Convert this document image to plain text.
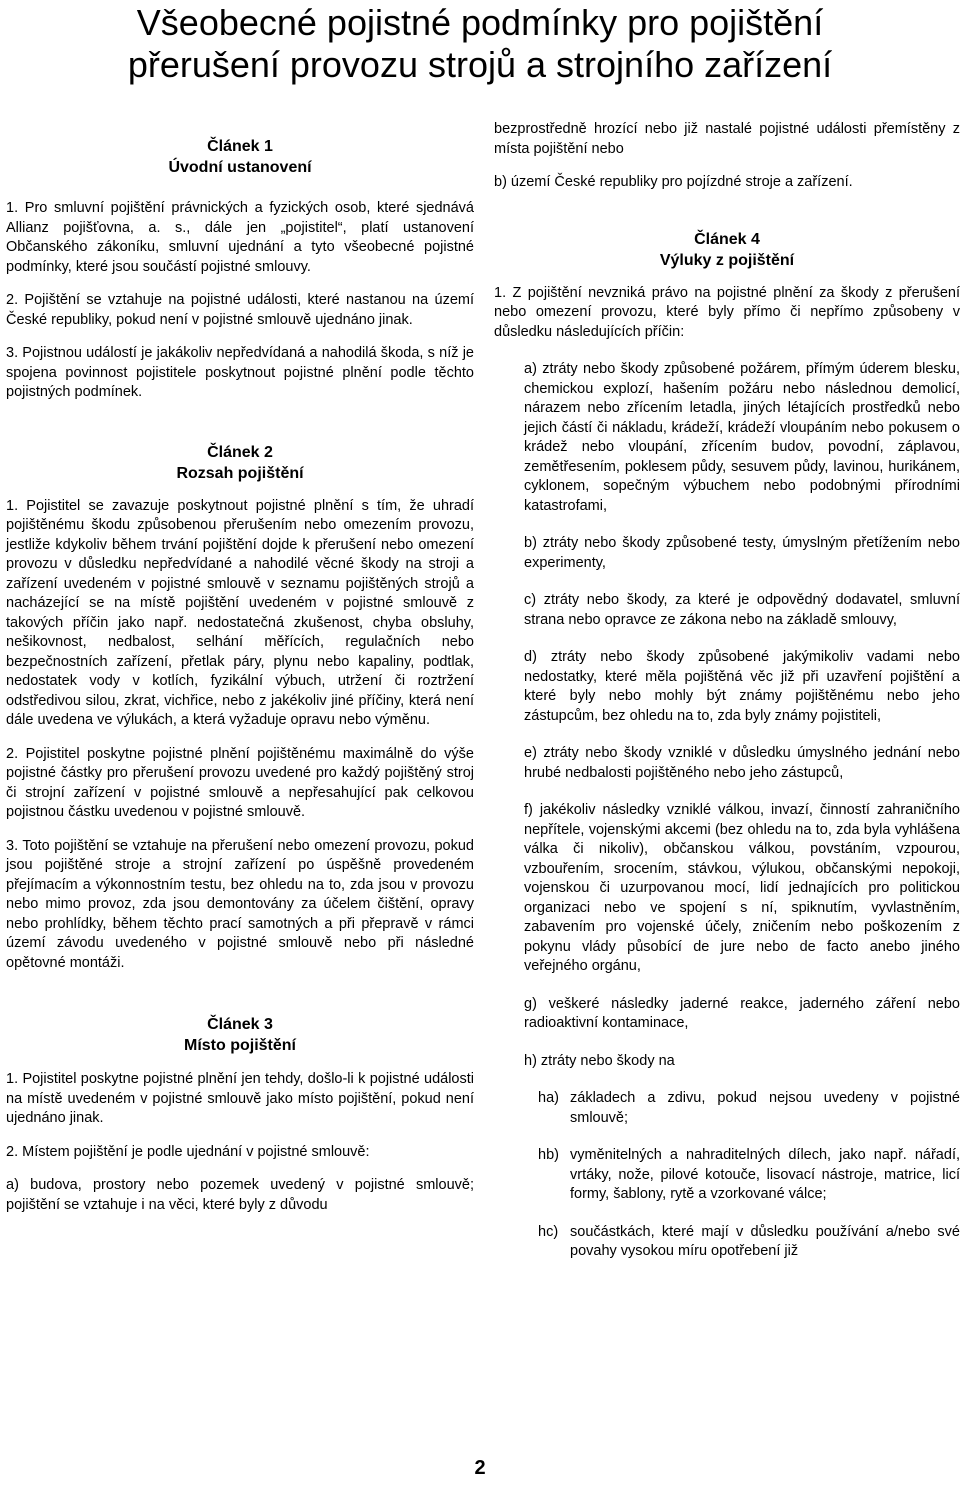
Všeobecné pojistné podmínky pro pojištění
přerušení provozu strojů a strojního zařízení
Článek 1
Úvodní ustanovení

1. Pro smluvní pojištění právnických a fyzických osob, které sjednává Allianz pojišťovna, a. s., dále jen „pojistitel“, platí ustanovení Občanského zákoníku, smluvní ujednání a tyto všeobecné pojistné podmínky, které jsou součástí pojistné smlouvy.

2. Pojištění se vztahuje na pojistné události, které nastanou na území České republiky, pokud není v pojistné smlouvě ujednáno jinak.

3. Pojistnou událostí je jakákoliv nepředvídaná a nahodilá škoda, s níž je spojena povinnost pojistitele poskytnout pojistné plnění podle těchto pojistných podmínek.

Článek 2
Rozsah pojištění

1. Pojistitel se zavazuje poskytnout pojistné plnění s tím, že uhradí pojištěnému škodu způsobenou přerušením nebo omezením provozu, jestliže kdykoliv během trvání pojištění dojde k přerušení nebo omezení provozu v důsledku nepředvídané a nahodilé věcné škody na stroji a zařízení uvedeném v pojistné smlouvě v seznamu pojištěných strojů a nacházející se na místě pojištění uvedeném v pojistné smlouvě z takových příčin jako např. nedostatečná zkušenost, chyba obsluhy, nešikovnost, nedbalost, selhání měřících, regulačních nebo bezpečnostních zařízení, přetlak páry, plynu nebo kapaliny, podtlak, nedostatek vody v kotlích, fyzikální výbuch, utržení či roztržení odstředivou silou, zkrat, vichřice, nebo z jakékoliv jiné příčiny, která není dále uvedena ve výlukách, a která vyžaduje opravu nebo výměnu.

2. Pojistitel poskytne pojistné plnění pojištěnému maximálně do výše pojistné částky pro přerušení provozu uvedené pro každý pojištěný stroj či strojní zařízení v pojistné smlouvě a nepřesahující pak celkovou pojistnou částku uvedenou v pojistné smlouvě.

3. Toto pojištění se vztahuje na přerušení nebo omezení provozu, pokud jsou pojištěné stroje a strojní zařízení po úspěšně provedeném přejímacím a výkonnostním testu, bez ohledu na to, zda jsou v provozu nebo mimo provoz, zda jsou demontovány za účelem čištění, opravy nebo prohlídky, během těchto prací samotných a při přepravě v rámci území závodu uvedeného v pojistné smlouvě nebo při následné opětovné montáži.

Článek 3
Místo pojištění

1. Pojistitel poskytne pojistné plnění jen tehdy, došlo-li k pojistné události na místě uvedeném v pojistné smlouvě jako místo pojištění, pokud není ujednáno jinak.

2. Místem pojištění je podle ujednání v pojistné smlouvě:

a) budova, prostory nebo pozemek uvedený v pojistné smlouvě; pojištění se vztahuje i na věci, které byly z důvodu

bezprostředně hrozící nebo již nastalé pojistné události přemístěny z místa pojištění nebo

b) území České republiky pro pojízdné stroje a zařízení.

Článek 4
Výluky z pojištění

1. Z pojištění nevzniká právo na pojistné plnění za škody z přerušení nebo omezení provozu, které byly přímo či nepřímo způsobeny v důsledku následujících příčin:

a) ztráty nebo škody způsobené požárem, přímým úderem blesku, chemickou explozí, hašením požáru nebo následnou demolicí, nárazem nebo zřícením letadla, jiných létajících prostředků nebo jejich částí či nákladu, krádeží, krádeží vloupáním nebo pokusem o krádež nebo vloupání, zřícením budov, povodní, záplavou, zemětřesením, poklesem půdy, sesuvem půdy, lavinou, hurikánem, cyklonem, sopečným výbuchem nebo podobnými přírodními katastrofami,

b) ztráty nebo škody způsobené testy, úmyslným přetížením nebo experimenty,

c) ztráty nebo škody, za které je odpovědný dodavatel, smluvní strana nebo opravce ze zákona nebo na základě smlouvy,

d) ztráty nebo škody způsobené jakýmikoliv vadami nebo nedostatky, které měla pojištěná věc již při uzavření pojištění a které byly nebo mohly být známy pojištěnému nebo jeho zástupcům, bez ohledu na to, zda byly známy pojistiteli,

e) ztráty nebo škody vzniklé v důsledku úmyslného jednání nebo hrubé nedbalosti pojištěného nebo jeho zástupců,

f) jakékoliv následky vzniklé válkou, invazí, činností zahraničního nepřítele, vojenskými akcemi (bez ohledu na to, zda byla vyhlášena válka či nikoliv), občanskou válkou, povstáním, vzpourou, vzbouřením, srocením, stávkou, výlukou, občanskými nepokoji, vojenskou či uzurpovanou mocí, lidí jednajících pro politickou organizaci nebo ve spojení s ní, spiknutím, vyvlastněním, zabavením pro vojenské účely, zničením nebo poškozením z pokynu vlády působící de jure nebo de facto anebo jiného veřejného orgánu,

g) veškeré následky jaderné reakce, jaderného záření nebo radioaktivní kontaminace,

h) ztráty nebo škody na

ha) základech a zdivu, pokud nejsou uvedeny v pojistné smlouvě;
hb) vyměnitelných a nahraditelných dílech, jako např. nářadí, vrtáky, nože, pilové kotouče, lisovací nástroje, matrice, licí formy, šablony, rytě a vzorkované válce;
hc) součástkách, které mají v důsledku používání a/nebo své povahy vysokou míru opotřebení již
2
